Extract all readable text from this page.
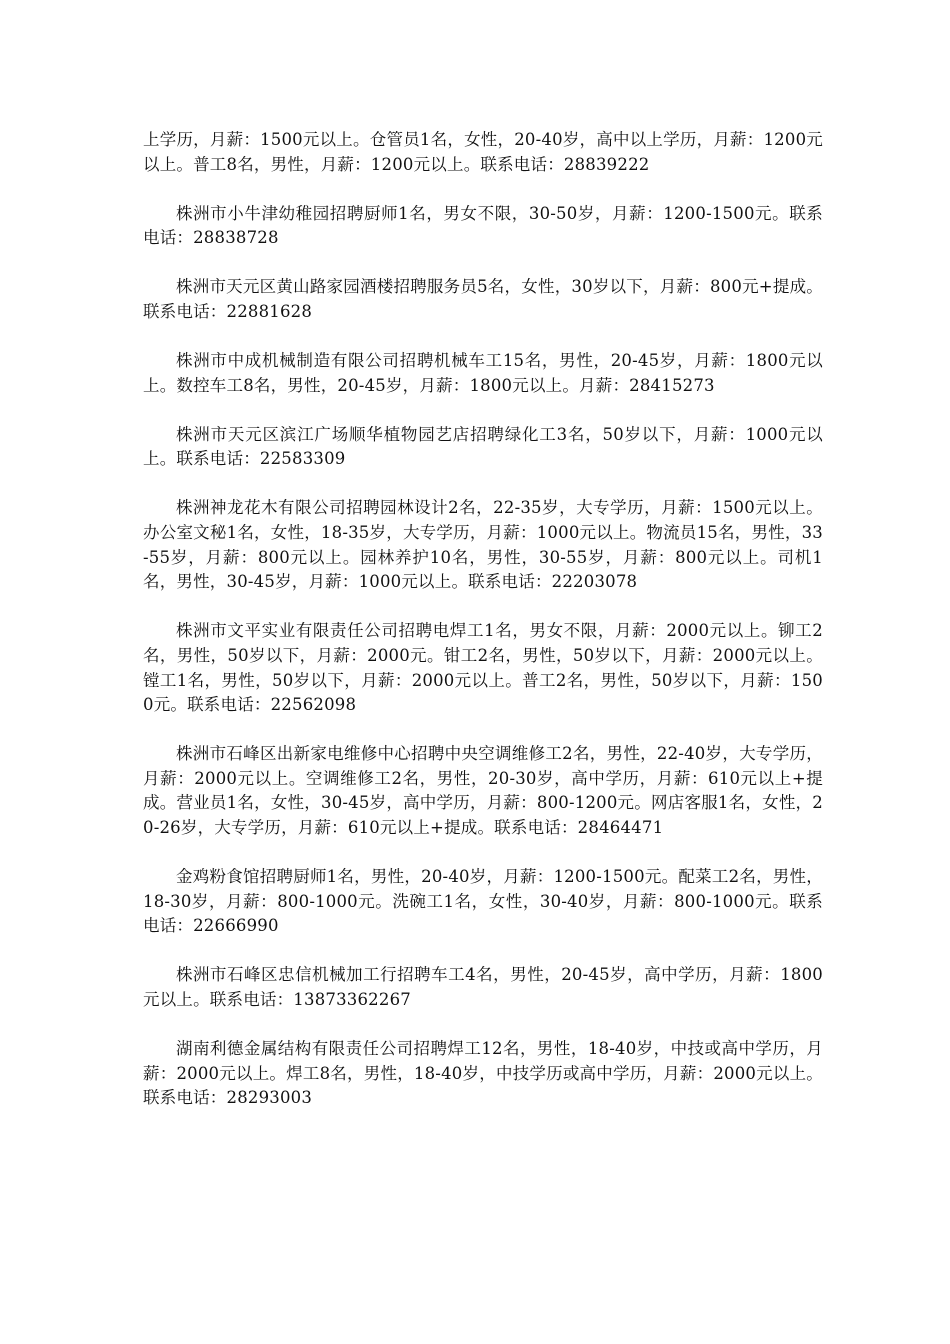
上学历，月薪：1500元以上。仓管员1名，女性，20-40岁，高中以上学历，月薪：1200元以上。普工8名，男性，月薪：1200元以上。联系电话：28839222

株洲市小牛津幼稚园招聘厨师1名，男女不限，30-50岁，月薪：1200-1500元。联系电话：28838728

株洲市天元区黄山路家园酒楼招聘服务员5名，女性，30岁以下，月薪：800元+提成。联系电话：22881628

株洲市中成机械制造有限公司招聘机械车工15名，男性，20-45岁，月薪：1800元以上。数控车工8名，男性，20-45岁，月薪：1800元以上。月薪：28415273

株洲市天元区滨江广场顺华植物园艺店招聘绿化工3名，50岁以下，月薪：1000元以上。联系电话：22583309

株洲神龙花木有限公司招聘园林设计2名，22-35岁，大专学历，月薪：1500元以上。办公室文秘1名，女性，18-35岁，大专学历，月薪：1000元以上。物流员15名，男性，33-55岁，月薪：800元以上。园林养护10名，男性，30-55岁，月薪：800元以上。司机1名，男性，30-45岁，月薪：1000元以上。联系电话：22203078

株洲市文平实业有限责任公司招聘电焊工1名，男女不限，月薪：2000元以上。铆工2名，男性，50岁以下，月薪：2000元。钳工2名，男性，50岁以下，月薪：2000元以上。镗工1名，男性，50岁以下，月薪：2000元以上。普工2名，男性，50岁以下，月薪：1500元。联系电话：22562098

株洲市石峰区出新家电维修中心招聘中央空调维修工2名，男性，22-40岁，大专学历，月薪：2000元以上。空调维修工2名，男性，20-30岁，高中学历，月薪：610元以上+提成。营业员1名，女性，30-45岁，高中学历，月薪：800-1200元。网店客服1名，女性，20-26岁，大专学历，月薪：610元以上+提成。联系电话：28464471

金鸡粉食馆招聘厨师1名，男性，20-40岁，月薪：1200-1500元。配菜工2名，男性，18-30岁，月薪：800-1000元。洗碗工1名，女性，30-40岁，月薪：800-1000元。联系电话：22666990

株洲市石峰区忠信机械加工行招聘车工4名，男性，20-45岁，高中学历，月薪：1800元以上。联系电话：13873362267

湖南利德金属结构有限责任公司招聘焊工12名，男性，18-40岁，中技或高中学历，月薪：2000元以上。焊工8名，男性，18-40岁，中技学历或高中学历，月薪：2000元以上。联系电话：28293003
